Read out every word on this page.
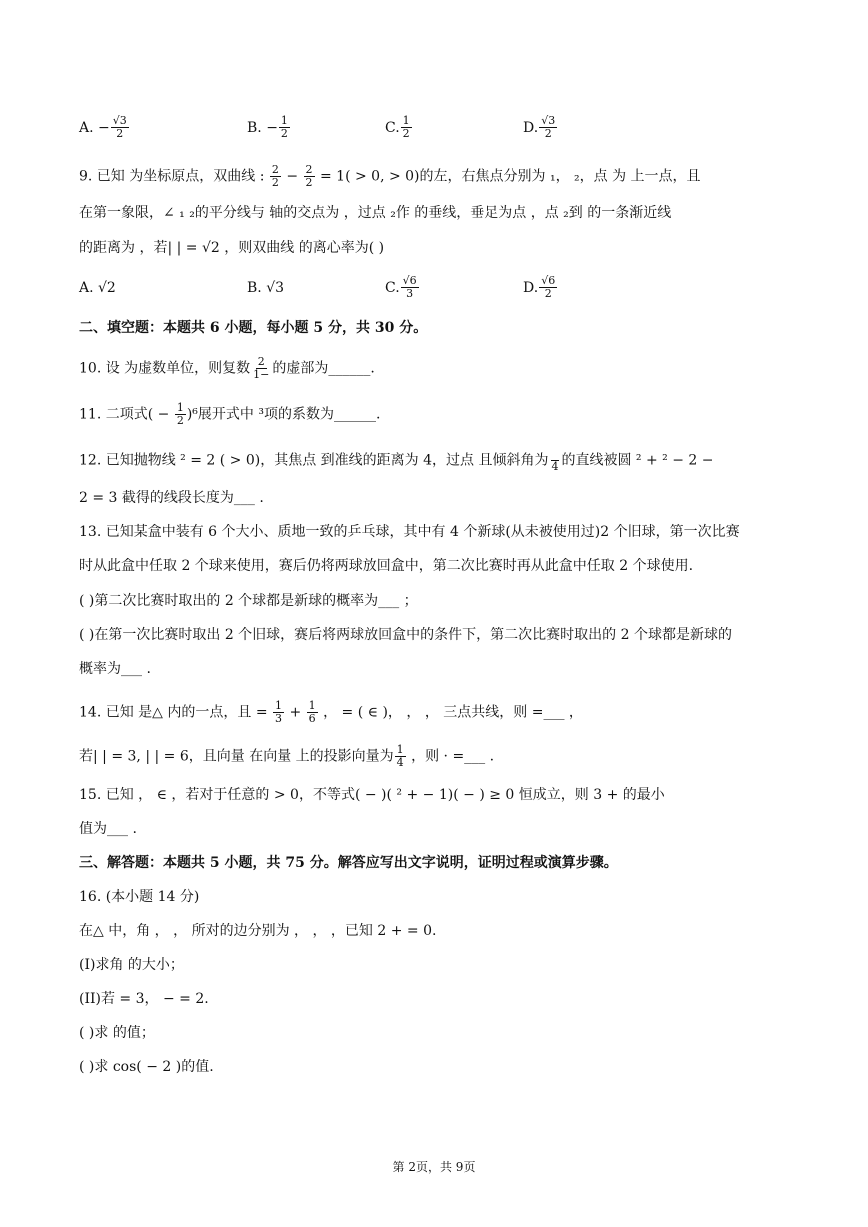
A. − $\frac{√3}{2}$	B. − $\frac{1}{2}$	C. $\frac{1}{2}$	D. $\frac{√3}{2}$
9. 已知 为坐标原点，双曲线 : $\frac{2}{2} - \frac{2}{2} = 1( > 0$, > 0)的左，右焦点分别为 ₁， ₂，点 为 上一点，且
在第一象限，∠ ₁ ₂的平分线与 轴的交点为 ，过点 ₂作 的垂线，垂足为点 ，点 ₂到 的一条渐近线
的距离为 ，若| | = √2 ，则双曲线 的离心率为( )
A. √2	B. √3	C. $\frac{√6}{3}$	D. $\frac{√6}{2}$
二、填空题：本题共 6 小题，每小题 5 分，共 30 分。
10. 设 为虚数单位，则复数 $\frac{2}{1-}$ 的虚部为______.
11. 二项式( − $\frac{1}{2} )^6$展开式中 ³项的系数为______.
12. 已知抛物线 ² = 2 ( > 0)，其焦点 到准线的距离为 4，过点 且倾斜角为
4 的直线被圆 ² + ² − 2 −
2 = 3 截得的线段长度为___ .
13. 已知某盒中装有 6 个大小、质地一致的乒乓球，其中有 4 个新球(从未被使用过)2 个旧球，第一次比赛
时从此盒中任取 2 个球来使用，赛后仍将两球放回盒中，第二次比赛时再从此盒中任取 2 个球使用.
( )第二次比赛时取出的 2 个球都是新球的概率为___ ；
( )在第一次比赛时取出 2 个旧球，赛后将两球放回盒中的条件下，第二次比赛时取出的 2 个球都是新球的
概率为___ .
14. 已知 是△ 内的一点，且 = $\frac{1}{3} + \frac{1}{6}$ ， = ( ∈ )， ， ， 三点共线，则 =___ ，
若| | = 3, | | = 6，且向量 在向量 上的投影向量为 $\frac{1}{4}$ ，则 · =___ .
15. 已知 ， ∈ ，若对于任意的 > 0，不等式( − )( ² + − 1)( − ) ≥ 0 恒成立，则 3 + 的最小
值为___ .
三、解答题：本题共 5 小题，共 75 分。解答应写出文字说明，证明过程或演算步骤。
16. (本小题 14 分)
在△ 中，角 ， ， 所对的边分别为 ， ， ，已知 2 + = 0.
(I)求角 的大小；
(II)若 = 3， − = 2.
( )求 的值；
( )求 cos( − 2 )的值.
第 2页，共 9页
